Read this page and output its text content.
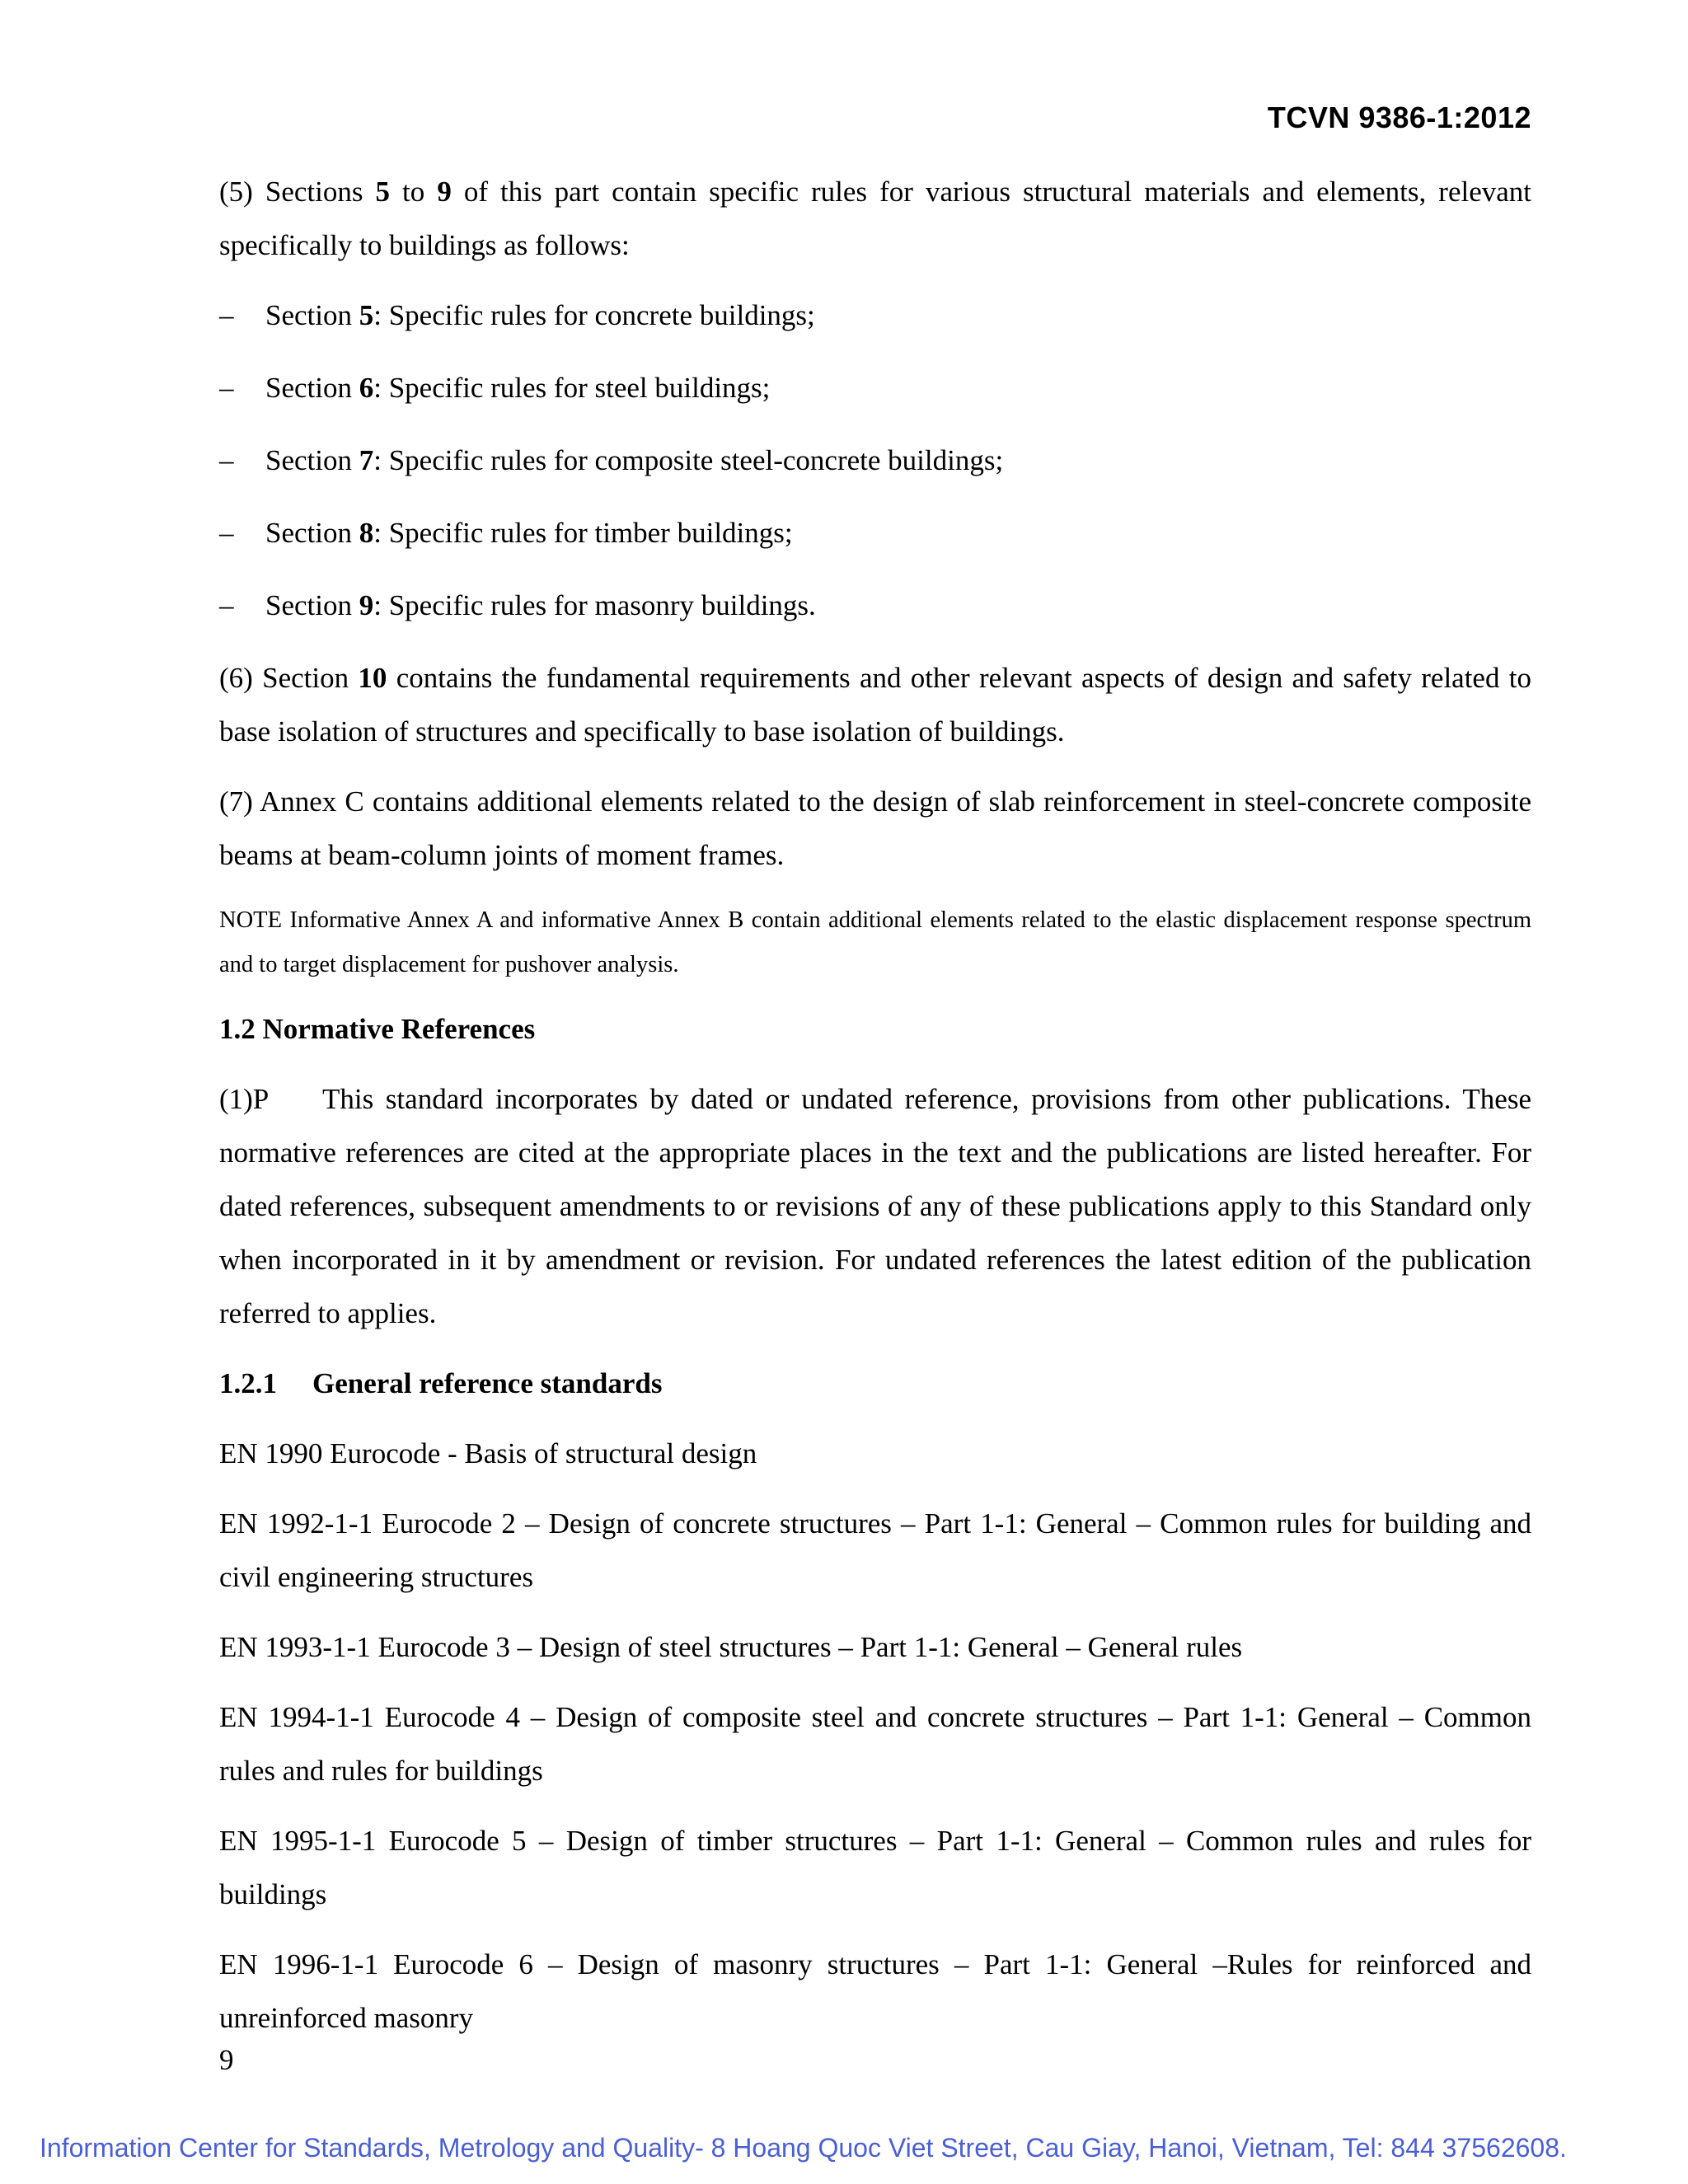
TCVN 9386-1:2012

(5) Sections 5 to 9 of this part contain specific rules for various structural materials and elements, relevant specifically to buildings as follows:

– Section 5: Specific rules for concrete buildings;
– Section 6: Specific rules for steel buildings;
– Section 7: Specific rules for composite steel-concrete buildings;
– Section 8: Specific rules for timber buildings;
– Section 9: Specific rules for masonry buildings.

(6) Section 10 contains the fundamental requirements and other relevant aspects of design and safety related to base isolation of structures and specifically to base isolation of buildings.

(7) Annex C contains additional elements related to the design of slab reinforcement in steel-concrete composite beams at beam-column joints of moment frames.

NOTE Informative Annex A and informative Annex B contain additional elements related to the elastic displacement response spectrum and to target displacement for pushover analysis.

1.2 Normative References

(1)P This standard incorporates by dated or undated reference, provisions from other publications. These normative references are cited at the appropriate places in the text and the publications are listed hereafter. For dated references, subsequent amendments to or revisions of any of these publications apply to this Standard only when incorporated in it by amendment or revision. For undated references the latest edition of the publication referred to applies.

1.2.1 General reference standards

EN 1990 Eurocode - Basis of structural design

EN 1992-1-1 Eurocode 2 – Design of concrete structures – Part 1-1: General – Common rules for building and civil engineering structures

EN 1993-1-1 Eurocode 3 – Design of steel structures – Part 1-1: General – General rules

EN 1994-1-1 Eurocode 4 – Design of composite steel and concrete structures – Part 1-1: General – Common rules and rules for buildings

EN 1995-1-1 Eurocode 5 – Design of timber structures – Part 1-1: General – Common rules and rules for buildings

EN 1996-1-1 Eurocode 6 – Design of masonry structures – Part 1-1: General –Rules for reinforced and unreinforced masonry

9
Information Center for Standards, Metrology and Quality- 8 Hoang Quoc Viet Street, Cau Giay, Hanoi, Vietnam, Tel: 844 37562608.
